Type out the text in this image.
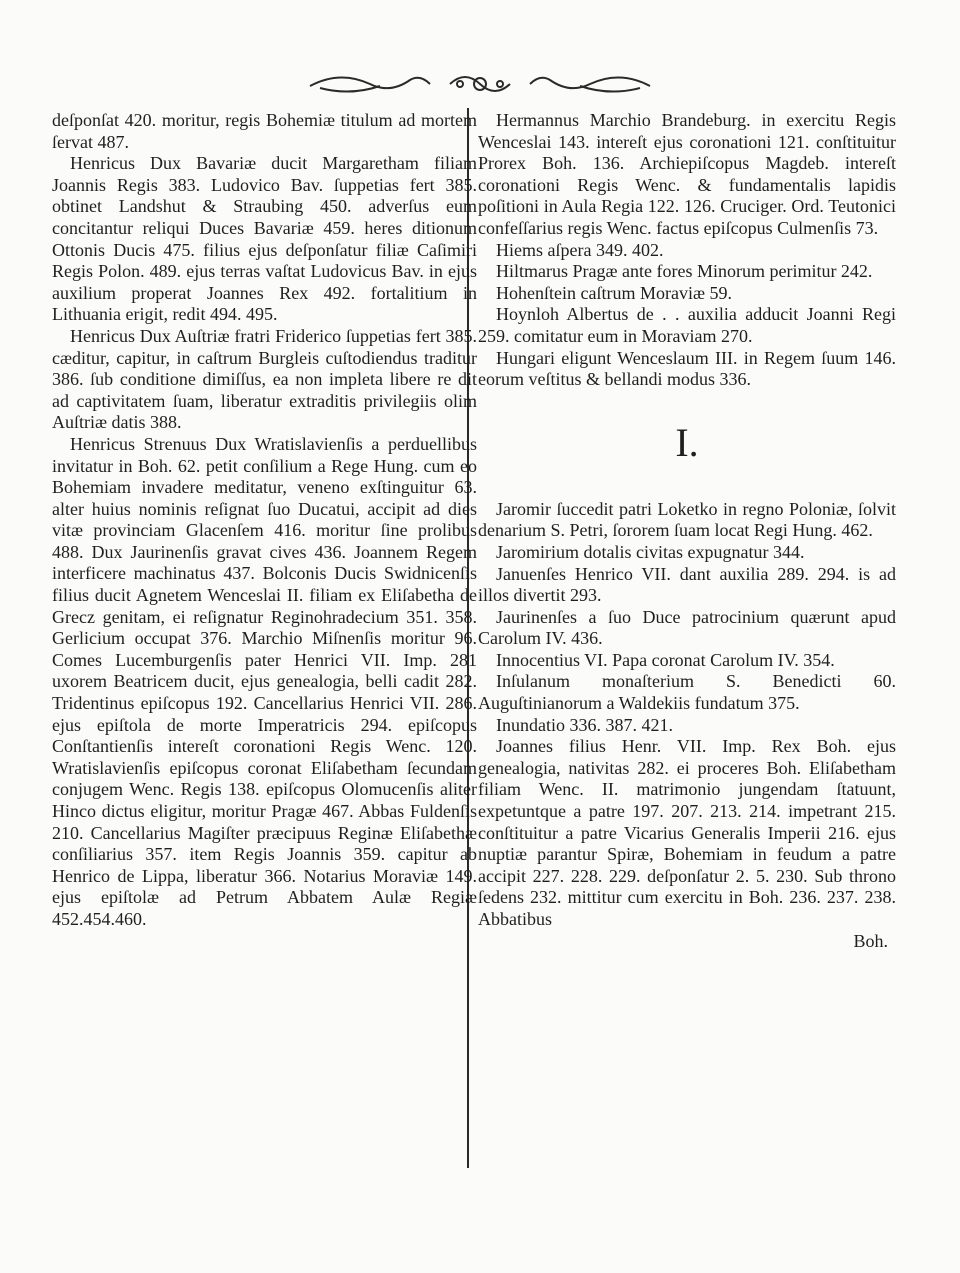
deſponſat 420. moritur, regis Bohemiæ titulum ad mortem ſervat 487.

Henricus Dux Bavariæ ducit Margaretham filiam Joannis Regis 383. Ludovico Bav. ſuppetias fert 385. obtinet Landshut & Straubing 450. adverſus eum concitantur reliqui Duces Bavariæ 459. heres ditionum Ottonis Ducis 475. filius ejus deſponſatur filiæ Caſimiri Regis Polon. 489. ejus terras vaſtat Ludovicus Bav. in ejus auxilium properat Joannes Rex 492. fortalitium in Lithuania erigit, redit 494. 495.

Henricus Dux Auſtriæ fratri Friderico ſuppetias fert 385. cæditur, capitur, in caſtrum Burgleis cuſtodiendus traditur 386. ſub conditione dimiſſus, ea non impleta libere re dit ad captivitatem ſuam, liberatur extraditis privilegiis olim Auſtriæ datis 388.

Henricus Strenuus Dux Wratislavienſis a perduellibus invitatur in Boh. 62. petit conſilium a Rege Hung. cum eo Bohemiam invadere meditatur, veneno exſtinguitur 63. alter huius nominis reſignat ſuo Ducatui, accipit ad dies vitæ provinciam Glacenſem 416. moritur ſine prolibus 488. Dux Jaurinenſis gravat cives 436. Joannem Regem interficere machinatus 437. Bolconis Ducis Swidnicenſis filius ducit Agnetem Wenceslai II. filiam ex Eliſabetha de Grecz genitam, ei reſignatur Reginohradecium 351. 358. Gerlicium occupat 376. Marchio Miſnenſis moritur 96. Comes Lucemburgenſis pater Henrici VII. Imp. 281 uxorem Beatricem ducit, ejus genealogia, belli cadit 282. Tridentinus epiſcopus 192. Cancellarius Henrici VII. 286. ejus epiſtola de morte Imperatricis 294. epiſcopus Conſtantienſis intereſt coronationi Regis Wenc. 120. Wratislavienſis epiſcopus coronat Eliſabetham ſecundam conjugem Wenc. Regis 138. epiſcopus Olomucenſis aliter Hinco dictus eligitur, moritur Pragæ 467. Abbas Fuldenſis 210. Cancellarius Magiſter præcipuus Reginæ Eliſabethæ conſiliarius 357. item Regis Joannis 359. capitur ab Henrico de Lippa, liberatur 366. Notarius Moraviæ 149. ejus epiſtolæ ad Petrum Abbatem Aulæ Regiæ 452.454.460.

Hermannus Marchio Brandeburg. in exercitu Regis Wenceslai 143. intereſt ejus coronationi 121. conſtituitur Prorex Boh. 136. Archiepiſcopus Magdeb. intereſt coronationi Regis Wenc. & fundamentalis lapidis poſitioni in Aula Regia 122. 126. Cruciger. Ord. Teutonici confeſſarius regis Wenc. factus epiſcopus Culmenſis 73.

Hiems aſpera 349. 402.

Hiltmarus Pragæ ante fores Minorum perimitur 242.

Hohenſtein caſtrum Moraviæ 59.

Hoynloh Albertus de . . auxilia adducit Joanni Regi 259. comitatur eum in Moraviam 270.

Hungari eligunt Wenceslaum III. in Regem ſuum 146. eorum veſtitus & bellandi modus 336.

I.

Jaromir ſuccedit patri Loketko in regno Poloniæ, ſolvit denarium S. Petri, ſororem ſuam locat Regi Hung. 462.

Jaromirium dotalis civitas expugnatur 344.

Januenſes Henrico VII. dant auxilia 289. 294. is ad illos divertit 293.

Jaurinenſes a ſuo Duce patrocinium quærunt apud Carolum IV. 436.

Innocentius VI. Papa coronat Carolum IV. 354.

Inſulanum monaſterium S. Benedicti 60. Auguſtinianorum a Waldekiis fundatum 375.

Inundatio 336. 387. 421.

Joannes filius Henr. VII. Imp. Rex Boh. ejus genealogia, nativitas 282. ei proceres Boh. Eliſabetham filiam Wenc. II. matrimonio jungendam ſtatuunt, expetuntque a patre 197. 207. 213. 214. impetrant 215. conſtituitur a patre Vicarius Generalis Imperii 216. ejus nuptiæ parantur Spiræ, Bohemiam in feudum a patre accipit 227. 228. 229. deſponſatur 2. 5. 230. Sub throno ſedens 232. mittitur cum exercitu in Boh. 236. 237. 238. Abbatibus

Boh.
